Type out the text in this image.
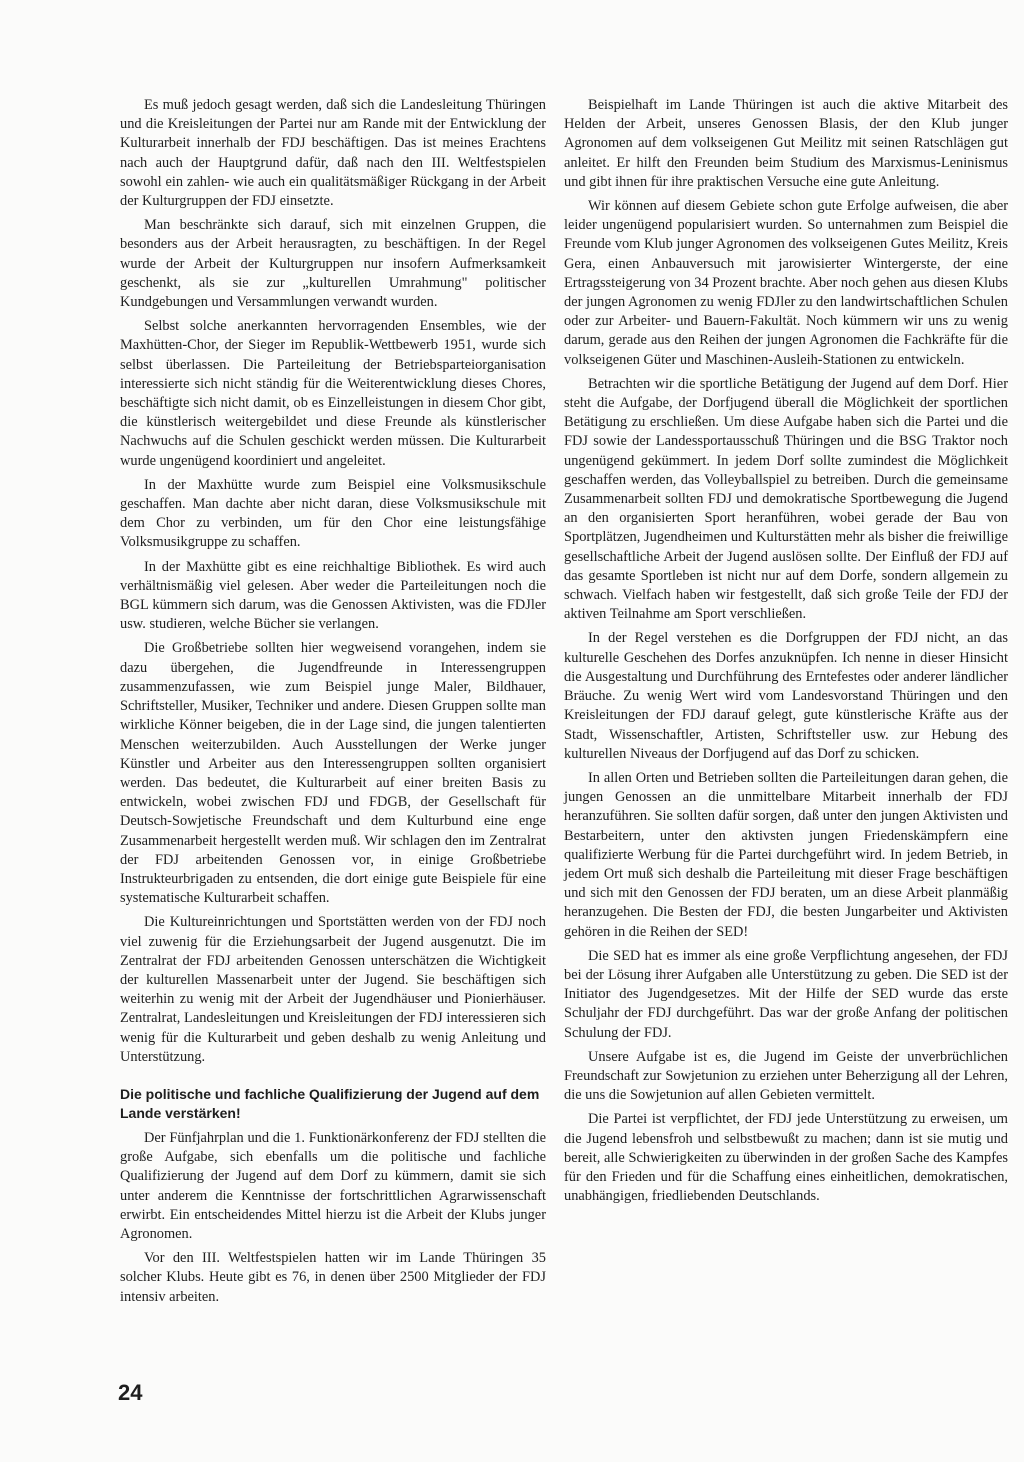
Es muß jedoch gesagt werden, daß sich die Landesleitung Thüringen und die Kreisleitungen der Partei nur am Rande mit der Entwicklung der Kulturarbeit innerhalb der FDJ beschäftigen. Das ist meines Erachtens nach auch der Hauptgrund dafür, daß nach den III. Weltfestspielen sowohl ein zahlen- wie auch ein qualitätsmäßiger Rückgang in der Arbeit der Kulturgruppen der FDJ einsetzte.

Man beschränkte sich darauf, sich mit einzelnen Gruppen, die besonders aus der Arbeit herausragten, zu beschäftigen. In der Regel wurde der Arbeit der Kulturgruppen nur insofern Aufmerksamkeit geschenkt, als sie zur „kulturellen Umrahmung" politischer Kundgebungen und Versammlungen verwandt wurden.

Selbst solche anerkannten hervorragenden Ensembles, wie der Maxhütten-Chor, der Sieger im Republik-Wettbewerb 1951, wurde sich selbst überlassen. Die Parteileitung der Betriebsparteiorganisation interessierte sich nicht ständig für die Weiterentwicklung dieses Chores, beschäftigte sich nicht damit, ob es Einzelleistungen in diesem Chor gibt, die künstlerisch weitergebildet und diese Freunde als künstlerischer Nachwuchs auf die Schulen geschickt werden müssen. Die Kulturarbeit wurde ungenügend koordiniert und angeleitet.

In der Maxhütte wurde zum Beispiel eine Volksmusikschule geschaffen. Man dachte aber nicht daran, diese Volksmusikschule mit dem Chor zu verbinden, um für den Chor eine leistungsfähige Volksmusikgruppe zu schaffen.

In der Maxhütte gibt es eine reichhaltige Bibliothek. Es wird auch verhältnismäßig viel gelesen. Aber weder die Parteileitungen noch die BGL kümmern sich darum, was die Genossen Aktivisten, was die FDJler usw. studieren, welche Bücher sie verlangen.

Die Großbetriebe sollten hier wegweisend vorangehen, indem sie dazu übergehen, die Jugendfreunde in Interessengruppen zusammenzufassen, wie zum Beispiel junge Maler, Bildhauer, Schriftsteller, Musiker, Techniker und andere. Diesen Gruppen sollte man wirkliche Könner beigeben, die in der Lage sind, die jungen talentierten Menschen weiterzubilden. Auch Ausstellungen der Werke junger Künstler und Arbeiter aus den Interessengruppen sollten organisiert werden. Das bedeutet, die Kulturarbeit auf einer breiten Basis zu entwickeln, wobei zwischen FDJ und FDGB, der Gesellschaft für Deutsch-Sowjetische Freundschaft und dem Kulturbund eine enge Zusammenarbeit hergestellt werden muß. Wir schlagen den im Zentralrat der FDJ arbeitenden Genossen vor, in einige Großbetriebe Instrukteurbrigaden zu entsenden, die dort einige gute Beispiele für eine systematische Kulturarbeit schaffen.

Die Kultureinrichtungen und Sportstätten werden von der FDJ noch viel zuwenig für die Erziehungsarbeit der Jugend ausgenutzt. Die im Zentralrat der FDJ arbeitenden Genossen unterschätzen die Wichtigkeit der kulturellen Massenarbeit unter der Jugend. Sie beschäftigen sich weiterhin zu wenig mit der Arbeit der Jugendhäuser und Pionierhäuser. Zentralrat, Landesleitungen und Kreisleitungen der FDJ interessieren sich wenig für die Kulturarbeit und geben deshalb zu wenig Anleitung und Unterstützung.

Die politische und fachliche Qualifizierung der Jugend auf dem Lande verstärken!

Der Fünfjahrplan und die 1. Funktionärkonferenz der FDJ stellten die große Aufgabe, sich ebenfalls um die politische und fachliche Qualifizierung der Jugend auf dem Dorf zu kümmern, damit sie sich unter anderem die Kenntnisse der fortschrittlichen Agrarwissenschaft erwirbt. Ein entscheidendes Mittel hierzu ist die Arbeit der Klubs junger Agronomen.

Vor den III. Weltfestspielen hatten wir im Lande Thüringen 35 solcher Klubs. Heute gibt es 76, in denen über 2500 Mitglieder der FDJ intensiv arbeiten.

Beispielhaft im Lande Thüringen ist auch die aktive Mitarbeit des Helden der Arbeit, unseres Genossen Blasis, der den Klub junger Agronomen auf dem volkseigenen Gut Meilitz mit seinen Ratschlägen gut anleitet. Er hilft den Freunden beim Studium des Marxismus-Leninismus und gibt ihnen für ihre praktischen Versuche eine gute Anleitung.

Wir können auf diesem Gebiete schon gute Erfolge aufweisen, die aber leider ungenügend popularisiert wurden. So unternahmen zum Beispiel die Freunde vom Klub junger Agronomen des volkseigenen Gutes Meilitz, Kreis Gera, einen Anbauversuch mit jarowisierter Wintergerste, der eine Ertragssteigerung von 34 Prozent brachte. Aber noch gehen aus diesen Klubs der jungen Agronomen zu wenig FDJler zu den landwirtschaftlichen Schulen oder zur Arbeiter- und Bauern-Fakultät. Noch kümmern wir uns zu wenig darum, gerade aus den Reihen der jungen Agronomen die Fachkräfte für die volkseigenen Güter und Maschinen-Ausleih-Stationen zu entwickeln.

Betrachten wir die sportliche Betätigung der Jugend auf dem Dorf. Hier steht die Aufgabe, der Dorfjugend überall die Möglichkeit der sportlichen Betätigung zu erschließen. Um diese Aufgabe haben sich die Partei und die FDJ sowie der Landessportausschuß Thüringen und die BSG Traktor noch ungenügend gekümmert. In jedem Dorf sollte zumindest die Möglichkeit geschaffen werden, das Volleyballspiel zu betreiben. Durch die gemeinsame Zusammenarbeit sollten FDJ und demokratische Sportbewegung die Jugend an den organisierten Sport heranführen, wobei gerade der Bau von Sportplätzen, Jugendheimen und Kulturstätten mehr als bisher die freiwillige gesellschaftliche Arbeit der Jugend auslösen sollte. Der Einfluß der FDJ auf das gesamte Sportleben ist nicht nur auf dem Dorfe, sondern allgemein zu schwach. Vielfach haben wir festgestellt, daß sich große Teile der FDJ der aktiven Teilnahme am Sport verschließen.

In der Regel verstehen es die Dorfgruppen der FDJ nicht, an das kulturelle Geschehen des Dorfes anzuknüpfen. Ich nenne in dieser Hinsicht die Ausgestaltung und Durchführung des Erntefestes oder anderer ländlicher Bräuche. Zu wenig Wert wird vom Landesvorstand Thüringen und den Kreisleitungen der FDJ darauf gelegt, gute künstlerische Kräfte aus der Stadt, Wissenschaftler, Artisten, Schriftsteller usw. zur Hebung des kulturellen Niveaus der Dorfjugend auf das Dorf zu schicken.

In allen Orten und Betrieben sollten die Parteileitungen daran gehen, die jungen Genossen an die unmittelbare Mitarbeit innerhalb der FDJ heranzuführen. Sie sollten dafür sorgen, daß unter den jungen Aktivisten und Bestarbeitern, unter den aktivsten jungen Friedenskämpfern eine qualifizierte Werbung für die Partei durchgeführt wird. In jedem Betrieb, in jedem Ort muß sich deshalb die Parteileitung mit dieser Frage beschäftigen und sich mit den Genossen der FDJ beraten, um an diese Arbeit planmäßig heranzugehen. Die Besten der FDJ, die besten Jungarbeiter und Aktivisten gehören in die Reihen der SED!

Die SED hat es immer als eine große Verpflichtung angesehen, der FDJ bei der Lösung ihrer Aufgaben alle Unterstützung zu geben. Die SED ist der Initiator des Jugendgesetzes. Mit der Hilfe der SED wurde das erste Schuljahr der FDJ durchgeführt. Das war der große Anfang der politischen Schulung der FDJ.

Unsere Aufgabe ist es, die Jugend im Geiste der unverbrüchlichen Freundschaft zur Sowjetunion zu erziehen unter Beherzigung all der Lehren, die uns die Sowjetunion auf allen Gebieten vermittelt.

Die Partei ist verpflichtet, der FDJ jede Unterstützung zu erweisen, um die Jugend lebensfroh und selbstbewußt zu machen; dann ist sie mutig und bereit, alle Schwierigkeiten zu überwinden in der großen Sache des Kampfes für den Frieden und für die Schaffung eines einheitlichen, demokratischen, unabhängigen, friedliebenden Deutschlands.

24
